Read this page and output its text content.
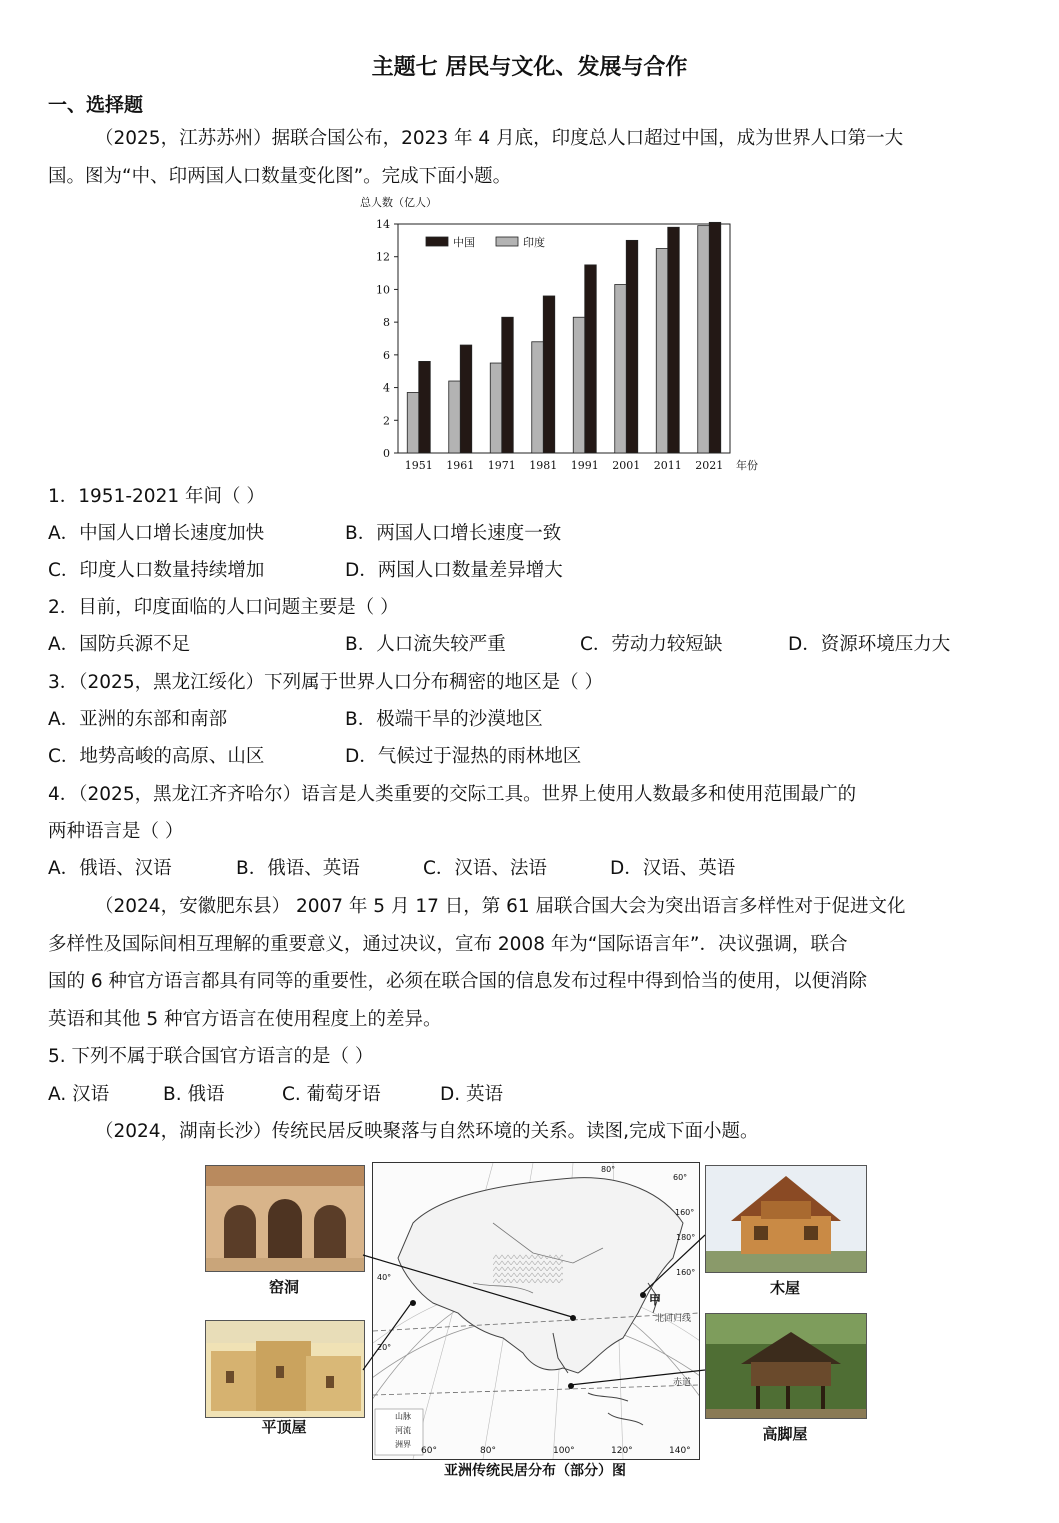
主题七 居民与文化、发展与合作
一、选择题
（2025，江苏苏州）据联合国公布，2023 年 4 月底，印度总人口超过中国，成为世界人口第一大
国。图为“中、印两国人口数量变化图”。完成下面小题。
总人数（亿人）
0
2
4
6
8
10
12
14
1951 1961 1971 1981 1991 2001 2011 2021 年份
中国	印度
1．1951-2021 年间（ ）
A．中国人口增长速度加快	B．两国人口增长速度一致
C．印度人口数量持续增加	D．两国人口数量差异增大
2．目前，印度面临的人口问题主要是（ ）
A．国防兵源不足	B．人口流失较严重	C．劳动力较短缺	D．资源环境压力大
3．（2025，黑龙江绥化）下列属于世界人口分布稠密的地区是（ ）
A．亚洲的东部和南部	B．极端干旱的沙漠地区
C．地势高峻的高原、山区	D．气候过于湿热的雨林地区
4．（2025，黑龙江齐齐哈尔）语言是人类重要的交际工具。世界上使用人数最多和使用范围最广的
两种语言是（ ）
A．俄语、汉语	B．俄语、英语	C．汉语、法语	D．汉语、英语
（2024，安徽肥东县） 2007 年 5 月 17 日，第 61 届联合国大会为突出语言多样性对于促进文化
多样性及国际间相互理解的重要意义，通过决议，宣布 2008 年为“国际语言年”．决议强调，联合
国的 6 种官方语言都具有同等的重要性，必须在联合国的信息发布过程中得到恰当的使用，以便消除
英语和其他 5 种官方语言在使用程度上的差异。
5. 下列不属于联合国官方语言的是（ ）
A. 汉语	B. 俄语	C. 葡萄牙语	D. 英语
（2024，湖南长沙）传统民居反映聚落与自然环境的关系。读图,完成下面小题。
窑洞
平顶屋
木屋
高脚屋
甲
北回归线
赤道
山脉
河流
洲界
60°	80°	100°	120°	140°
80°
60°
160°
180°
160°
40°
20°
亚洲传统民居分布（部分）图
